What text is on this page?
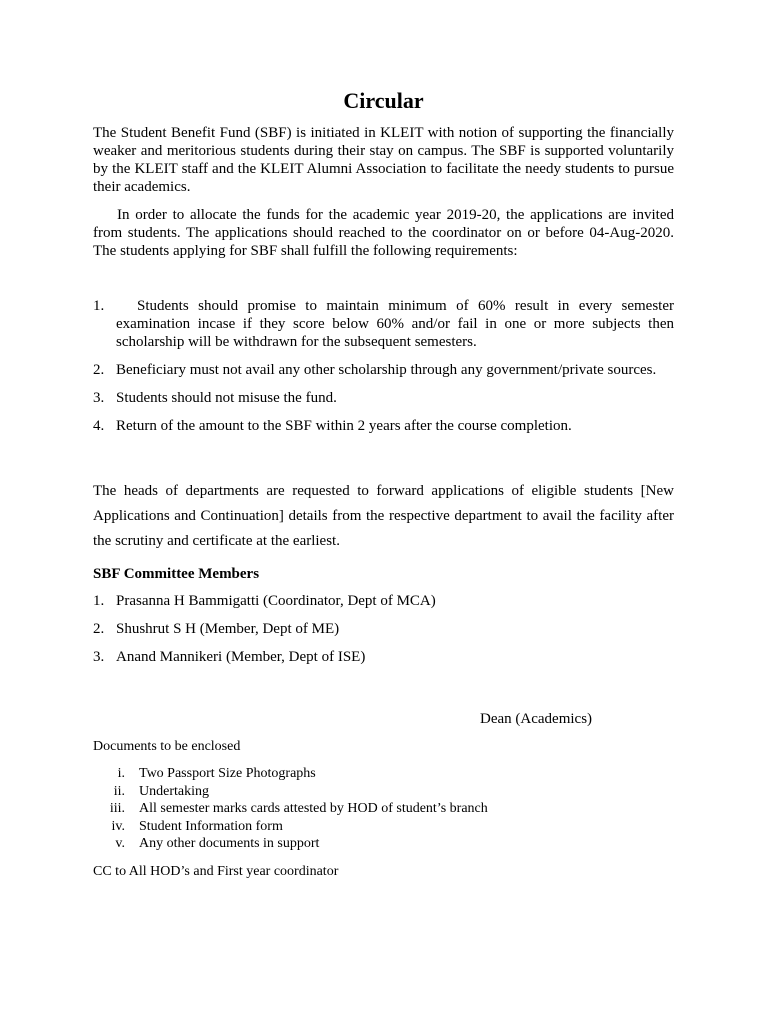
Circular

The Student Benefit Fund (SBF) is initiated in KLEIT with notion of supporting the financially weaker and meritorious students during their stay on campus. The SBF is supported voluntarily by the KLEIT staff and the KLEIT Alumni Association to facilitate the needy students to pursue their academics.

In order to allocate the funds for the academic year 2019-20, the applications are invited from students. The applications should reached to the coordinator on or before 04-Aug-2020. The students applying for SBF shall fulfill the following requirements:

1.	Students should promise to maintain minimum of 60% result in every semester examination incase if they score below 60% and/or fail in one or more subjects then scholarship will be withdrawn for the subsequent semesters.
2. Beneficiary must not avail any other scholarship through any government/private sources.
3. Students should not misuse the fund.
4. Return of the amount to the SBF within 2 years after the course completion.

The heads of departments are requested to forward applications of eligible students [New Applications and Continuation] details from the respective department to avail the facility after the scrutiny and certificate at the earliest.

SBF Committee Members

1. Prasanna H Bammigatti (Coordinator, Dept of MCA)
2. Shushrut S H (Member, Dept of ME)
3. Anand Mannikeri (Member, Dept of ISE)

Dean (Academics)

Documents to be enclosed

i. Two Passport Size Photographs
ii. Undertaking
iii. All semester marks cards attested by HOD of student’s branch
iv. Student Information form
v. Any other documents in support

CC to All HOD’s and First year coordinator
